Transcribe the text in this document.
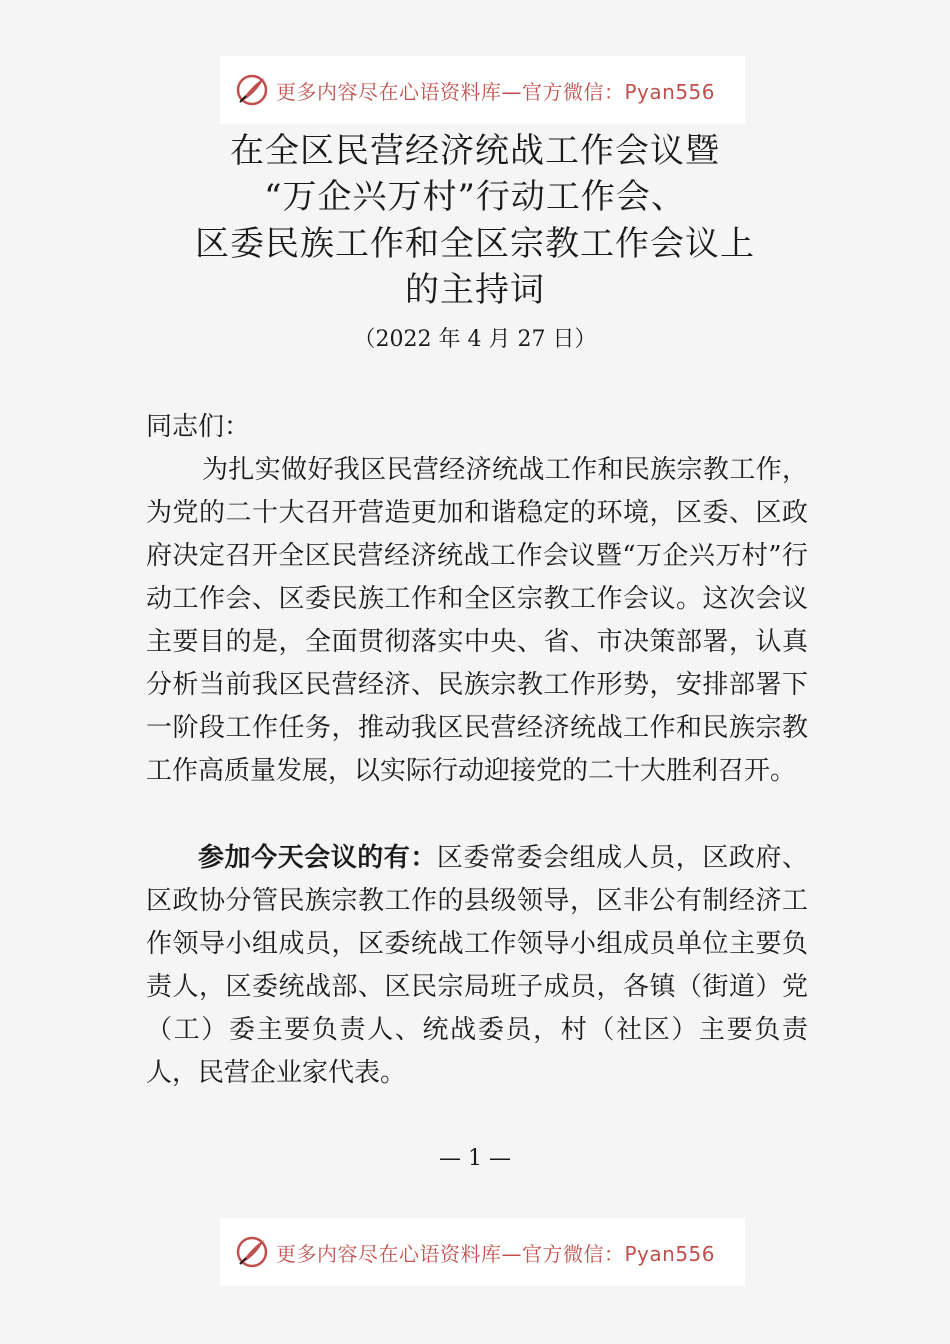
更多内容尽在心语资料库—官方微信：Pyan556
在全区民营经济统战工作会议暨
“万企兴万村”行动工作会、
区委民族工作和全区宗教工作会议上
的主持词
（2022 年 4 月 27 日）
同志们：
为扎实做好我区民营经济统战工作和民族宗教工作，为党的二十大召开营造更加和谐稳定的环境，区委、区政府决定召开全区民营经济统战工作会议暨“万企兴万村”行动工作会、区委民族工作和全区宗教工作会议。这次会议主要目的是，全面贯彻落实中央、省、市决策部署，认真分析当前我区民营经济、民族宗教工作形势，安排部署下一阶段工作任务，推动我区民营经济统战工作和民族宗教工作高质量发展，以实际行动迎接党的二十大胜利召开。
参加今天会议的有：区委常委会组成人员，区政府、区政协分管民族宗教工作的县级领导，区非公有制经济工作领导小组成员，区委统战工作领导小组成员单位主要负责人，区委统战部、区民宗局班子成员，各镇（街道）党（工）委主要负责人、统战委员，村（社区）主要负责人，民营企业家代表。
— 1 —
更多内容尽在心语资料库—官方微信：Pyan556
